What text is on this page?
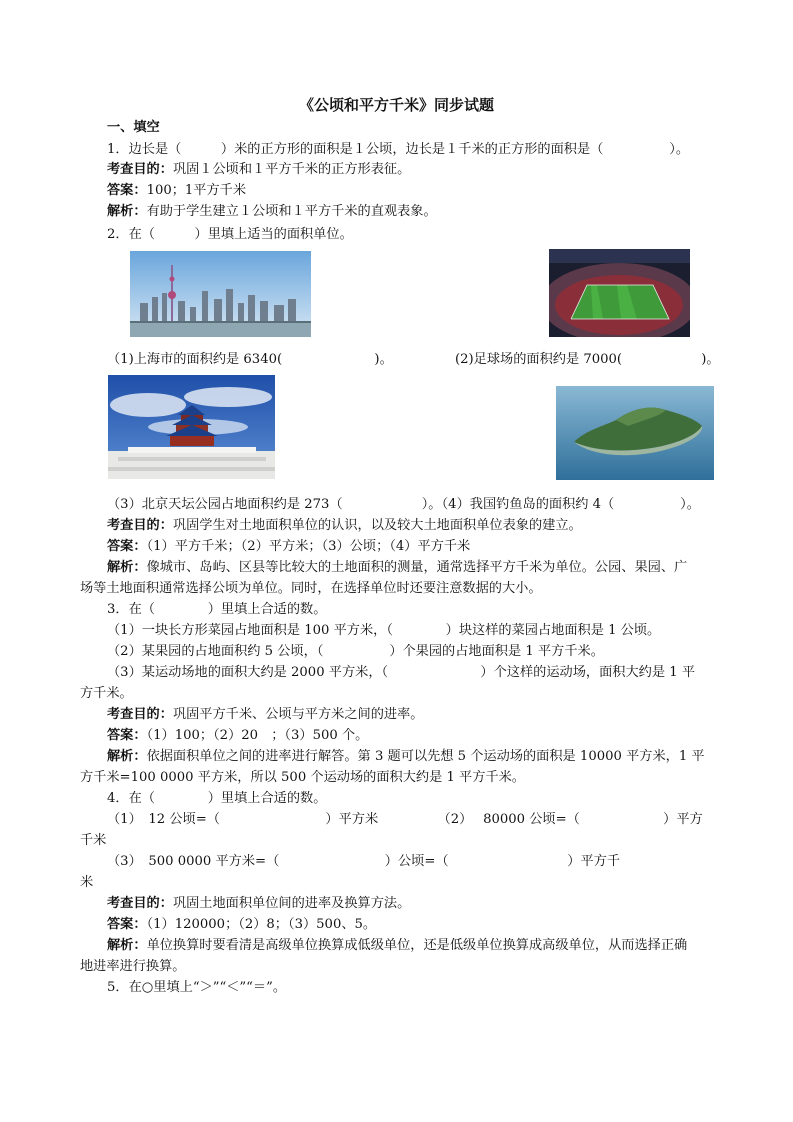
《公顷和平方千米》同步试题
一、填空
1．边长是（　　　）米的正方形的面积是１公顷，边长是１千米的正方形的面积是（　　　　　）。
考查目的：巩固１公顷和１平方千米的正方形表征。
答案：100；1平方千米
解析：有助于学生建立１公顷和１平方千米的直观表象。
2．在（　　　）里填上适当的面积单位。
（1)上海市的面积约是 6340(　　　　　　　)。	(2)足球场的面积约是 7000(　　　　　　)。
（3）北京天坛公园占地面积约是 273（　　　　　　）。
（4）我国钓鱼岛的面积约 4（　　　　　）。
考查目的：巩固学生对土地面积单位的认识，以及较大土地面积单位表象的建立。
答案：（1）平方千米；（2）平方米；（3）公顷；（4）平方千米
解析：像城市、岛屿、区县等比较大的土地面积的测量，通常选择平方千米为单位。公园、果园、广
场等土地面积通常选择公顷为单位。同时，在选择单位时还要注意数据的大小。
3．在（　　　　）里填上合适的数。
（1）一块长方形菜园占地面积是 100 平方米，（　　　　）块这样的菜园占地面积是 1 公顷。
（2）某果园的占地面积约 5 公顷，（　　　　　）个果园的占地面积是 1 平方千米。
（3）某运动场地的面积大约是 2000 平方米，（　　　　　　　）个这样的运动场，面积大约是 1 平
方千米。
考查目的：巩固平方千米、公顷与平方米之间的进率。
答案：（1）100；（2）20　；（3）500 个。
解析：依据面积单位之间的进率进行解答。第 3 题可以先想 5 个运动场的面积是 10000 平方米，1 平
方千米=100 0000 平方米，所以 500 个运动场的面积大约是 1 平方千米。
4．在（　　　　）里填上合适的数。
（1）　12 公顷=（　　　　　　　　）平方米　　　　　（2）　 80000 公顷=（　　　　　　 ）平方
千米
（3）　500 0000 平方米=（　　　　　　　　）公顷=（　　　　　　　　　）平方千
米
考查目的：巩固土地面积单位间的进率及换算方法。
答案：（1）120000；（2）8；（3）500、5。
解析：单位换算时要看清是高级单位换算成低级单位，还是低级单位换算成高级单位，从而选择正确
地进率进行换算。
5．在○里填上“＞”“＜”“＝”。
